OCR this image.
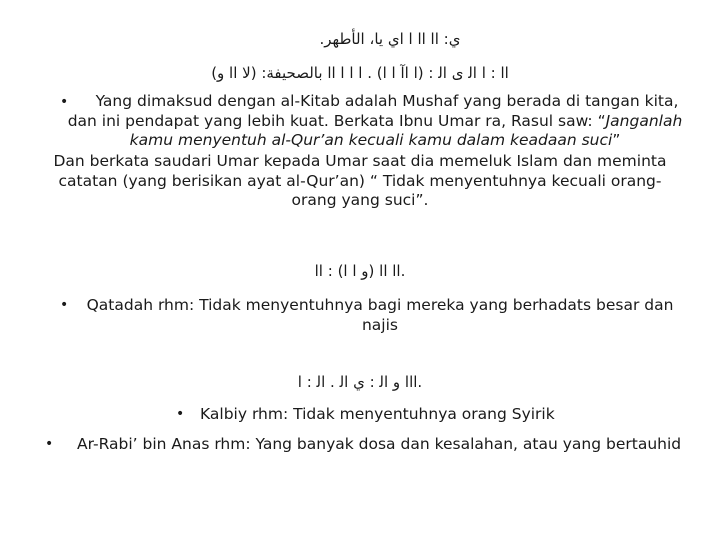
ي: اا اا ا اي يا، الأطهر.
اا : ا اﻟ ى اﻟ : (ا اآ ا ا) . ا ا ا اا بالصحيفة: (لا اا و)
•	Yang dimaksud dengan al-Kitab adalah Mushaf yang berada di tangan kita,
dan ini pendapat yang lebih kuat. Berkata Ibnu Umar ra, Rasul saw: “Janganlah
kamu menyentuh al-Qur’an kecuali kamu dalam keadaan suci”
Dan berkata saudari Umar kepada Umar saat dia memeluk Islam dan meminta
catatan (yang berisikan ayat al-Qur’an) “ Tidak menyentuhnya kecuali orang-
orang yang suci”.
.اا اا (و ا ا) : اا
•	Qatadah rhm: Tidak menyentuhnya bagi mereka yang berhadats besar dan
najis
.ااا و اﻟ : ي اﻟ . اﻟ : ا
• Kalbiy rhm: Tidak menyentuhnya orang Syirik
• Ar-Rabi’ bin Anas rhm: Yang banyak dosa dan kesalahan, atau yang bertauhid
